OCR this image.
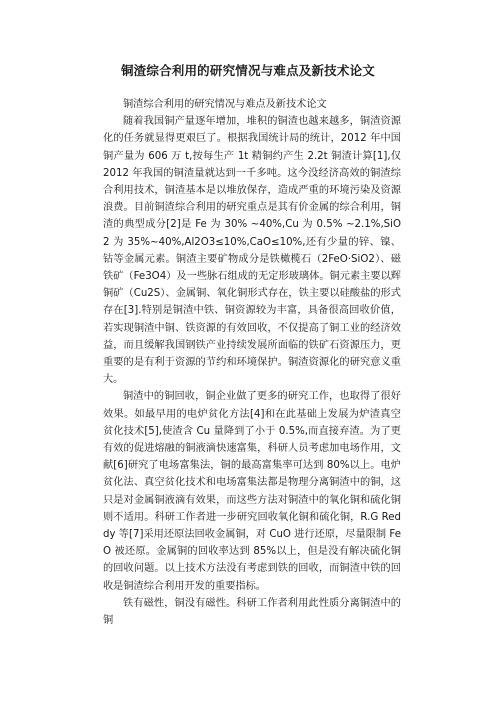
铜渣综合利用的研究情况与难点及新技术论文

铜渣综合利用的研究情况与难点及新技术论文

随着我国铜产量逐年增加，堆积的铜渣也越来越多，铜渣资源化的任务就显得更艰巨了。根据我国统计局的统计，2012 年中国铜产量为 606 万 t,按每生产 1t 精铜约产生 2.2t 铜渣计算[1],仅 2012 年我国的铜渣量就达到一千多吨。这今没经济高效的铜渣综合利用技术，铜渣基本是以堆放保存，造成严重的环境污染及资源浪费。目前铜渣综合利用的研究重点是其有价金属的综合利用，铜渣的典型成分[2]是 Fe 为 30% ~40%,Cu 为 0.5% ~2.1%,SiO2 为 35%~40%,Al2O3≤10%,CaO≤10%,还有少量的锌、镍、钴等金属元素。铜渣主要矿物成分是铁橄榄石（2FeO·SiO2）、磁铁矿（Fe3O4）及一些脉石组成的无定形玻璃体。铜元素主要以辉铜矿（Cu2S）、金属铜、氧化铜形式存在，铁主要以硅酸盐的形式存在[3].特别是铜渣中铁、铜资源较为丰富，具备很高回收价值，若实现铜渣中铜、铁资源的有效回收，不仅提高了铜工业的经济效益，而且缓解我国钢铁产业持续发展所面临的铁矿石资源压力，更重要的是有利于资源的节约和环境保护。铜渣资源化的研究意义重大。

铜渣中的铜回收，铜企业做了更多的研究工作，也取得了很好效果。如最早用的电炉贫化方法[4]和在此基础上发展为炉渣真空贫化技术[5],使渣含 Cu 量降到了小于 0.5%,而直接弃渣。为了更有效的促进熔融的铜液滴快速富集，科研人员考虑加电场作用，文献[6]研究了电场富集法，铜的最高富集率可达到 80%以上。电炉贫化法、真空贫化技术和电场富集法都是物理分离铜渣中的铜，这只是对金属铜液滴有效果，而这些方法对铜渣中的氧化铜和硫化铜则不适用。科研工作者进一步研究回收氧化铜和硫化铜，R.G Reddy 等[7]采用还原法回收金属铜，对 CuO 进行还原，尽量限制 FeO 被还原。金属铜的回收率达到 85%以上，但是没有解决硫化铜的回收问题。以上技术方法没有考虑到铁的回收，而铜渣中铁的回收是铜渣综合利用开发的重要指标。

铁有磁性，铜没有磁性。科研工作者利用此性质分离铜渣中的铜
